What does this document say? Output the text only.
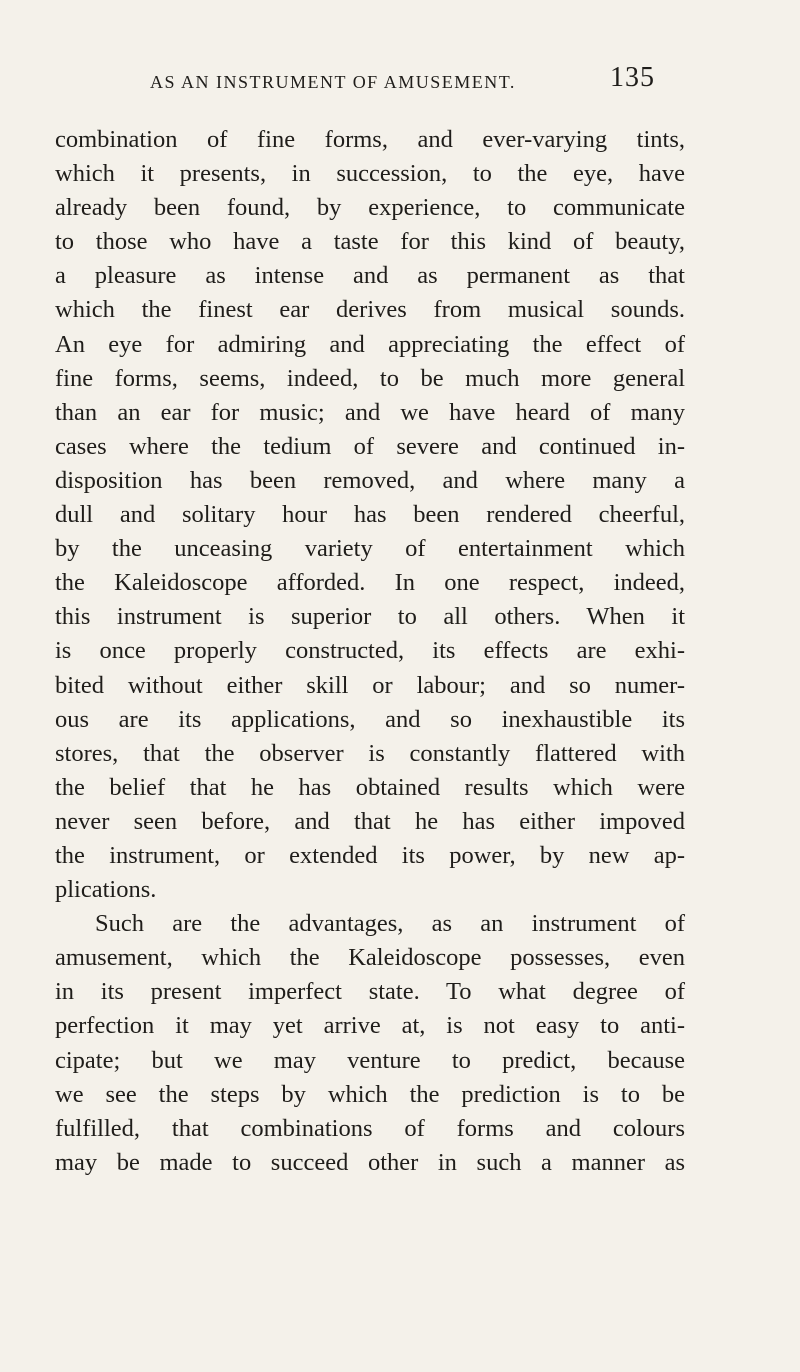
AS AN INSTRUMENT OF AMUSEMENT.	135
combination of fine forms, and ever-varying tints,
which it presents, in succession, to the eye, have
already been found, by experience, to communicate
to those who have a taste for this kind of beauty,
a pleasure as intense and as permanent as that
which the finest ear derives from musical sounds.
An eye for admiring and appreciating the effect of
fine forms, seems, indeed, to be much more general
than an ear for music; and we have heard of many
cases where the tedium of severe and continued in-
disposition has been removed, and where many a
dull and solitary hour has been rendered cheerful,
by the unceasing variety of entertainment which
the Kaleidoscope afforded. In one respect, indeed,
this instrument is superior to all others. When it
is once properly constructed, its effects are exhi-
bited without either skill or labour; and so numer-
ous are its applications, and so inexhaustible its
stores, that the observer is constantly flattered with
the belief that he has obtained results which were
never seen before, and that he has either impoved
the instrument, or extended its power, by new ap-
plications.
Such are the advantages, as an instrument of
amusement, which the Kaleidoscope possesses, even
in its present imperfect state. To what degree of
perfection it may yet arrive at, is not easy to anti-
cipate; but we may venture to predict, because
we see the steps by which the prediction is to be
fulfilled, that combinations of forms and colours
may be made to succeed other in such a manner as
